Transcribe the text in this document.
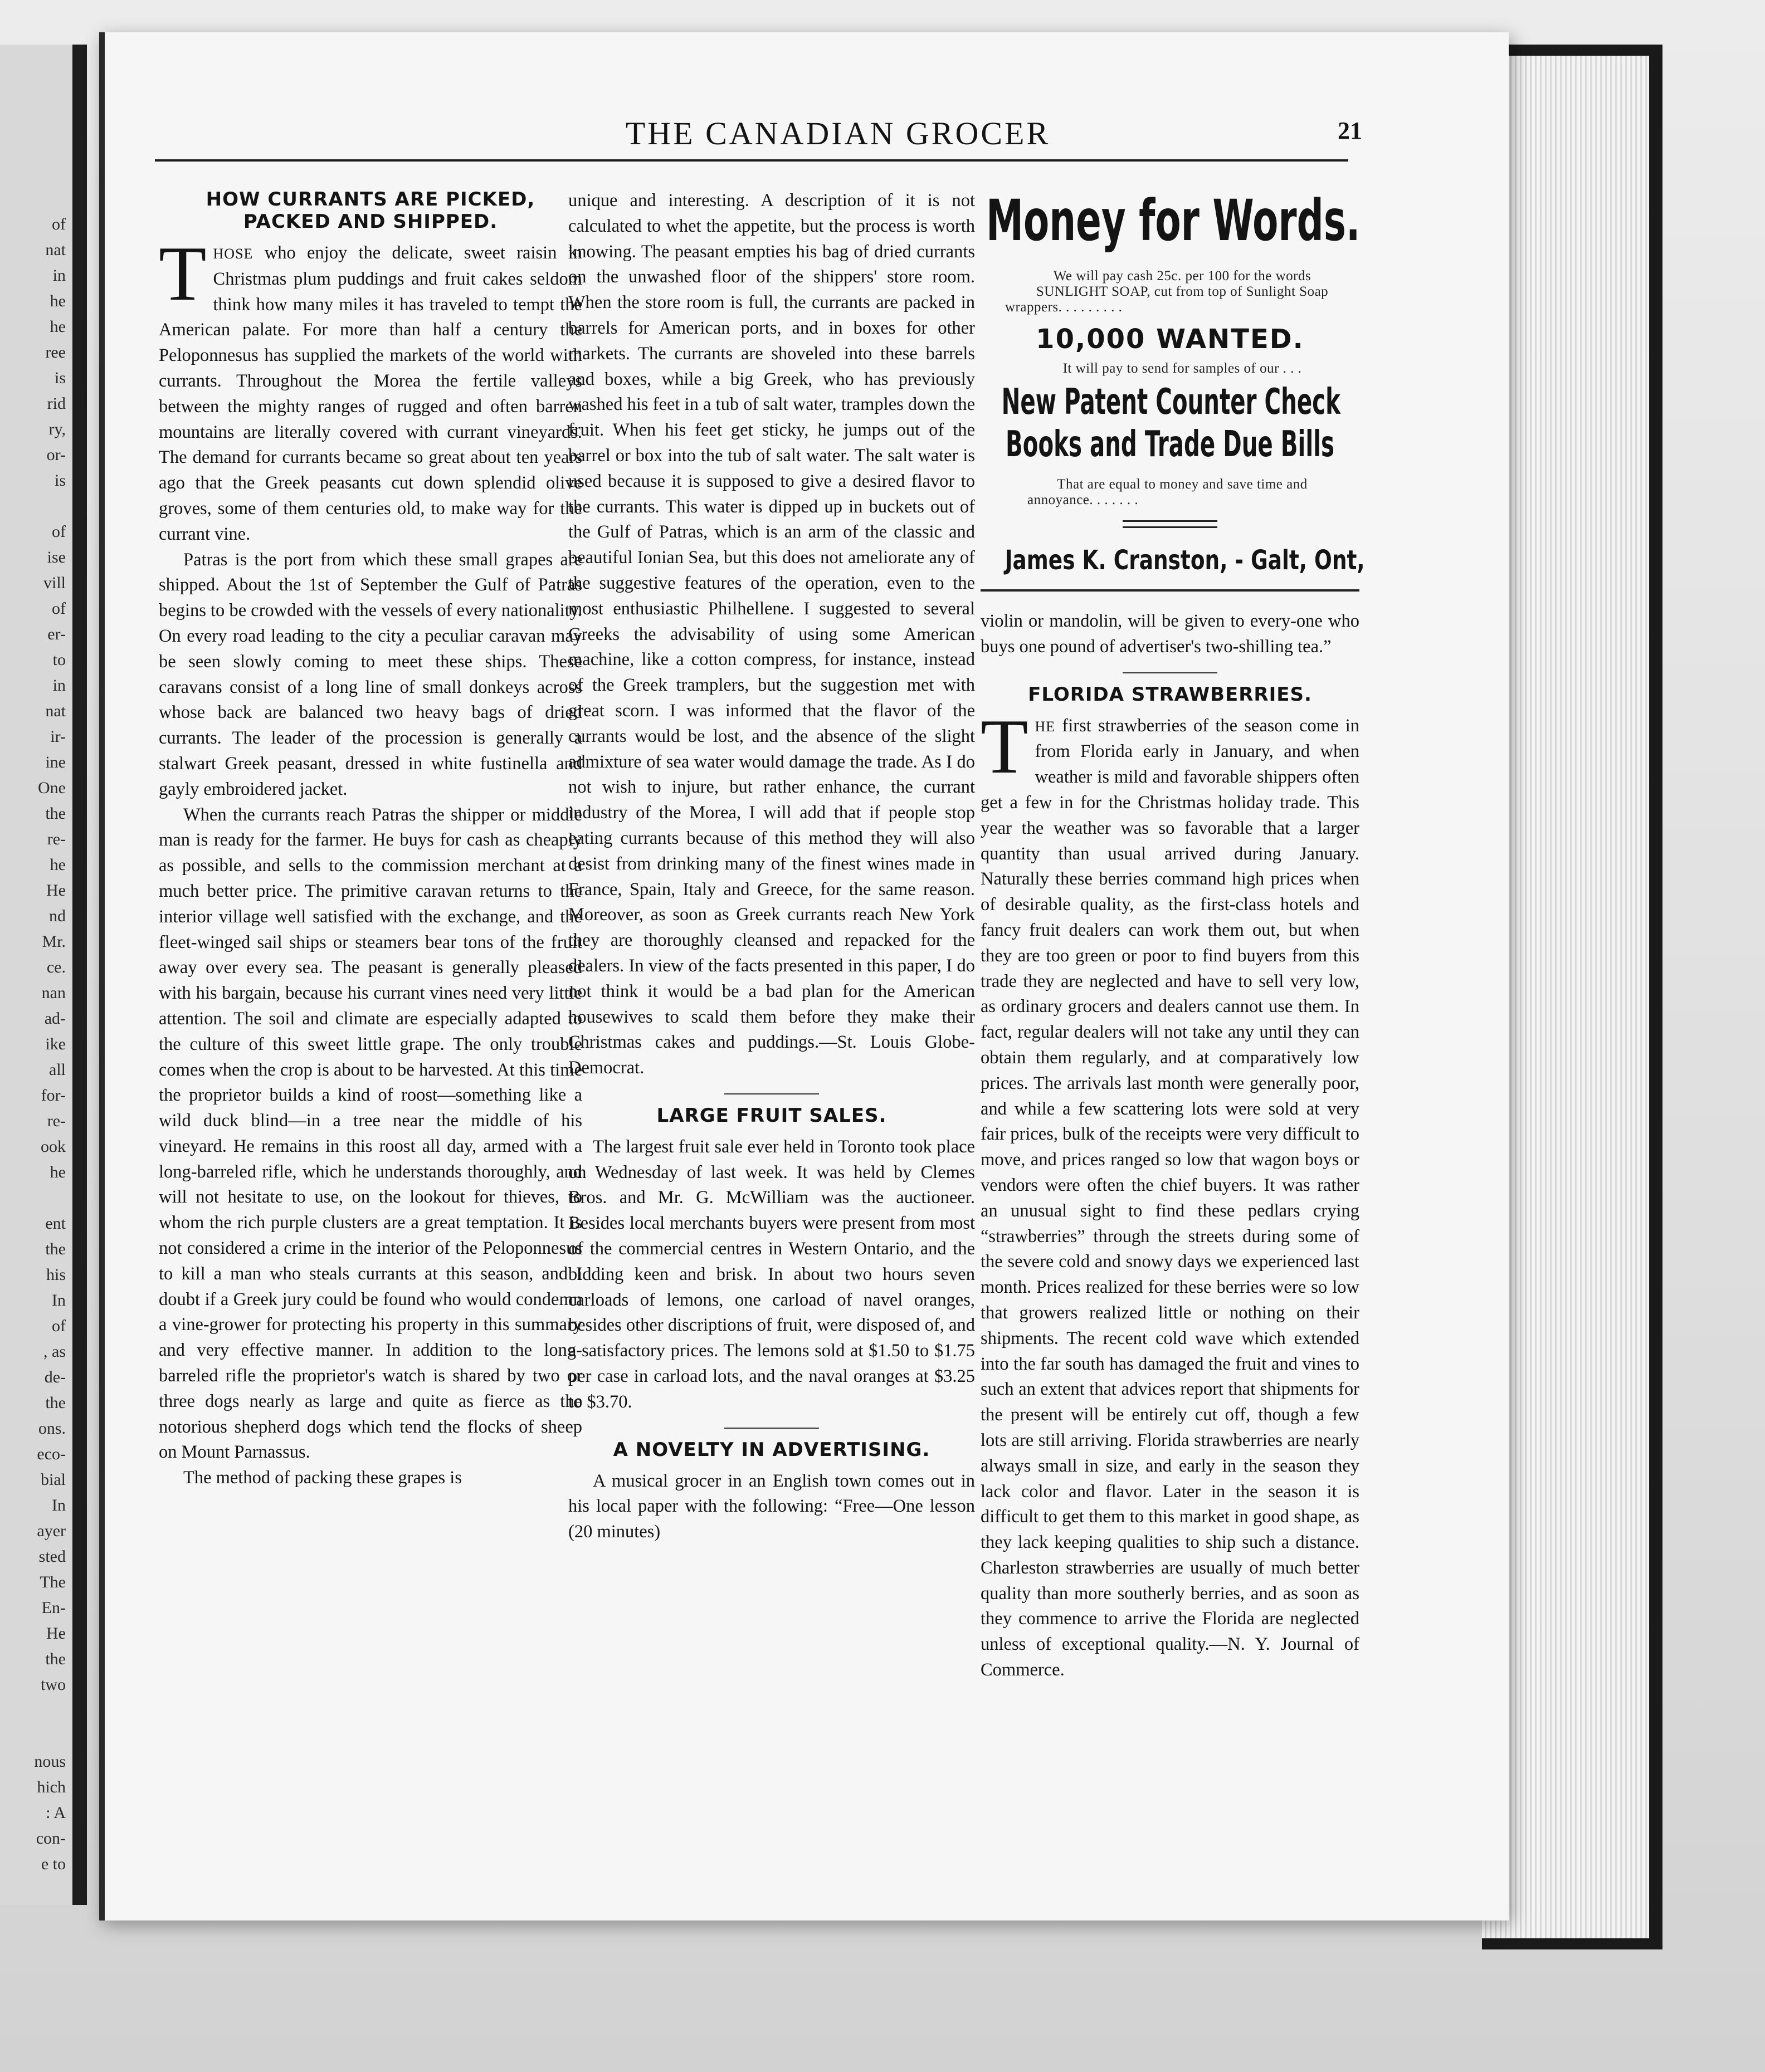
of
nat
in
he
he
ree
is
rid
ry,
or-
is
of
ise
vill
of
er-
to
in
nat
ir-
ine
One
the
re-
he
He
nd
Mr.
ce.
nan
ad-
ike
all
for-
re-
ook
he
ent
the
his
In
of
, as
de-
the
ons.
eco-
bial
In
ayer
sted
The
En-
He
the
two
nous
hich
: A
con-
e to
THE CANADIAN GROCER	21
HOW CURRANTS ARE PICKED,
PACKED AND SHIPPED.

THOSE who enjoy the delicate, sweet raisin in Christmas plum puddings and fruit cakes seldom think how many miles it has traveled to tempt the American palate. For more than half a century the Peloponnesus has supplied the markets of the world with currants. Throughout the Morea the fertile valleys between the mighty ranges of rugged and often barren mountains are literally covered with currant vineyards. The demand for currants became so great about ten years ago that the Greek peasants cut down splendid olive groves, some of them centuries old, to make way for the currant vine.

Patras is the port from which these small grapes are shipped. About the 1st of September the Gulf of Patras begins to be crowded with the vessels of every nationality. On every road leading to the city a peculiar caravan may be seen slowly coming to meet these ships. These caravans consist of a long line of small donkeys across whose back are balanced two heavy bags of dried currants. The leader of the procession is generally a stalwart Greek peasant, dressed in white fustinella and gayly embroidered jacket.

When the currants reach Patras the shipper or middle man is ready for the farmer. He buys for cash as cheaply as possible, and sells to the commission merchant at a much better price. The primitive caravan returns to the interior village well satisfied with the exchange, and the fleet-winged sail ships or steamers bear tons of the fruit away over every sea. The peasant is generally pleased with his bargain, because his currant vines need very little attention. The soil and climate are especially adapted to the culture of this sweet little grape. The only trouble comes when the crop is about to be harvested. At this time the proprietor builds a kind of roost—something like a wild duck blind—in a tree near the middle of his vineyard. He remains in this roost all day, armed with a long-barreled rifle, which he understands thoroughly, and will not hesitate to use, on the lookout for thieves, to whom the rich purple clusters are a great temptation. It is not considered a crime in the interior of the Peloponnesus to kill a man who steals currants at this season, and I doubt if a Greek jury could be found who would condemn a vine-grower for protecting his property in this summary and very effective manner. In addition to the long-barreled rifle the proprietor's watch is shared by two or three dogs nearly as large and quite as fierce as the notorious shepherd dogs which tend the flocks of sheep on Mount Parnassus.

The method of packing these grapes is

unique and interesting. A description of it is not calculated to whet the appetite, but the process is worth knowing. The peasant empties his bag of dried currants on the unwashed floor of the shippers' store room. When the store room is full, the currants are packed in barrels for American ports, and in boxes for other markets. The currants are shoveled into these barrels and boxes, while a big Greek, who has previously washed his feet in a tub of salt water, tramples down the fruit. When his feet get sticky, he jumps out of the barrel or box into the tub of salt water. The salt water is used because it is supposed to give a desired flavor to the currants. This water is dipped up in buckets out of the Gulf of Patras, which is an arm of the classic and beautiful Ionian Sea, but this does not ameliorate any of the suggestive features of the operation, even to the most enthusiastic Philhellene. I suggested to several Greeks the advisability of using some American machine, like a cotton compress, for instance, instead of the Greek tramplers, but the suggestion met with great scorn. I was informed that the flavor of the currants would be lost, and the absence of the slight admixture of sea water would damage the trade. As I do not wish to injure, but rather enhance, the currant industry of the Morea, I will add that if people stop eating currants because of this method they will also desist from drinking many of the finest wines made in France, Spain, Italy and Greece, for the same reason. Moreover, as soon as Greek currants reach New York they are thoroughly cleansed and repacked for the dealers. In view of the facts presented in this paper, I do not think it would be a bad plan for the American housewives to scald them before they make their Christmas cakes and puddings.—St. Louis Globe-Democrat.

LARGE FRUIT SALES.

The largest fruit sale ever held in Toronto took place on Wednesday of last week. It was held by Clemes Bros. and Mr. G. McWilliam was the auctioneer. Besides local merchants buyers were present from most of the commercial centres in Western Ontario, and the bidding keen and brisk. In about two hours seven carloads of lemons, one carload of navel oranges, besides other discriptions of fruit, were disposed of, and a satisfactory prices. The lemons sold at $1.50 to $1.75 per case in carload lots, and the naval oranges at $3.25 to $3.70.

A NOVELTY IN ADVERTISING.

A musical grocer in an English town comes out in his local paper with the following: “Free—One lesson (20 minutes)

Money for Words.

We will pay cash 25c. per 100 for the words

SUNLIGHT SOAP, cut from top of Sunlight Soap

wrappers. . . . . . . . .

10,000 WANTED.

It will pay to send for samples of our . . .

New Patent Counter Check
Books and Trade Due Bills

That are equal to money and save time and

annoyance. . . . . . .

James K. Cranston, - Galt, Ont,

violin or mandolin, will be given to every-one who buys one pound of advertiser's two-shilling tea.”

FLORIDA STRAWBERRIES.

THE first strawberries of the season come in from Florida early in January, and when weather is mild and favorable shippers often get a few in for the Christmas holiday trade. This year the weather was so favorable that a larger quantity than usual arrived during January. Naturally these berries command high prices when of desirable quality, as the first-class hotels and fancy fruit dealers can work them out, but when they are too green or poor to find buyers from this trade they are neglected and have to sell very low, as ordinary grocers and dealers cannot use them. In fact, regular dealers will not take any until they can obtain them regularly, and at comparatively low prices. The arrivals last month were generally poor, and while a few scattering lots were sold at very fair prices, bulk of the receipts were very difficult to move, and prices ranged so low that wagon boys or vendors were often the chief buyers. It was rather an unusual sight to find these pedlars crying “strawberries” through the streets during some of the severe cold and snowy days we experienced last month. Prices realized for these berries were so low that growers realized little or nothing on their shipments. The recent cold wave which extended into the far south has damaged the fruit and vines to such an extent that advices report that shipments for the present will be entirely cut off, though a few lots are still arriving. Florida strawberries are nearly always small in size, and early in the season they lack color and flavor. Later in the season it is difficult to get them to this market in good shape, as they lack keeping qualities to ship such a distance. Charleston strawberries are usually of much better quality than more southerly berries, and as soon as they commence to arrive the Florida are neglected unless of exceptional quality.—N. Y. Journal of Commerce.
